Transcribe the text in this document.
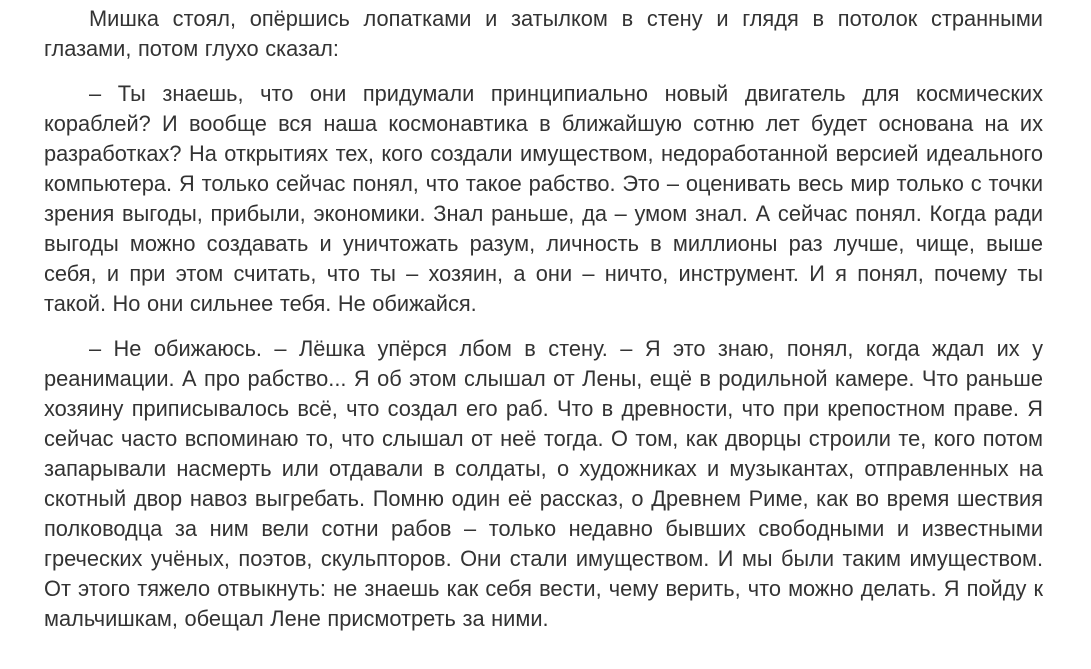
Мишка стоял, опёршись лопатками и затылком в стену и глядя в потолок странными глазами, потом глухо сказал:

– Ты знаешь, что они придумали принципиально новый двигатель для космических кораблей? И вообще вся наша космонавтика в ближайшую сотню лет будет основана на их разработках? На открытиях тех, кого создали имуществом, недоработанной версией идеального компьютера. Я только сейчас понял, что такое рабство. Это – оценивать весь мир только с точки зрения выгоды, прибыли, экономики. Знал раньше, да – умом знал. А сейчас понял. Когда ради выгоды можно создавать и уничтожать разум, личность в миллионы раз лучше, чище, выше себя, и при этом считать, что ты – хозяин, а они – ничто, инструмент. И я понял, почему ты такой. Но они сильнее тебя. Не обижайся.

– Не обижаюсь. – Лёшка упёрся лбом в стену. – Я это знаю, понял, когда ждал их у реанимации. А про рабство... Я об этом слышал от Лены, ещё в родильной камере. Что раньше хозяину приписывалось всё, что создал его раб. Что в древности, что при крепостном праве. Я сейчас часто вспоминаю то, что слышал от неё тогда. О том, как дворцы строили те, кого потом запарывали насмерть или отдавали в солдаты, о художниках и музыкантах, отправленных на скотный двор навоз выгребать. Помню один её рассказ, о Древнем Риме, как во время шествия полководца за ним вели сотни рабов – только недавно бывших свободными и известными греческих учёных, поэтов, скульпторов. Они стали имуществом. И мы были таким имуществом. От этого тяжело отвыкнуть: не знаешь как себя вести, чему верить, что можно делать. Я пойду к мальчишкам, обещал Лене присмотреть за ними.
